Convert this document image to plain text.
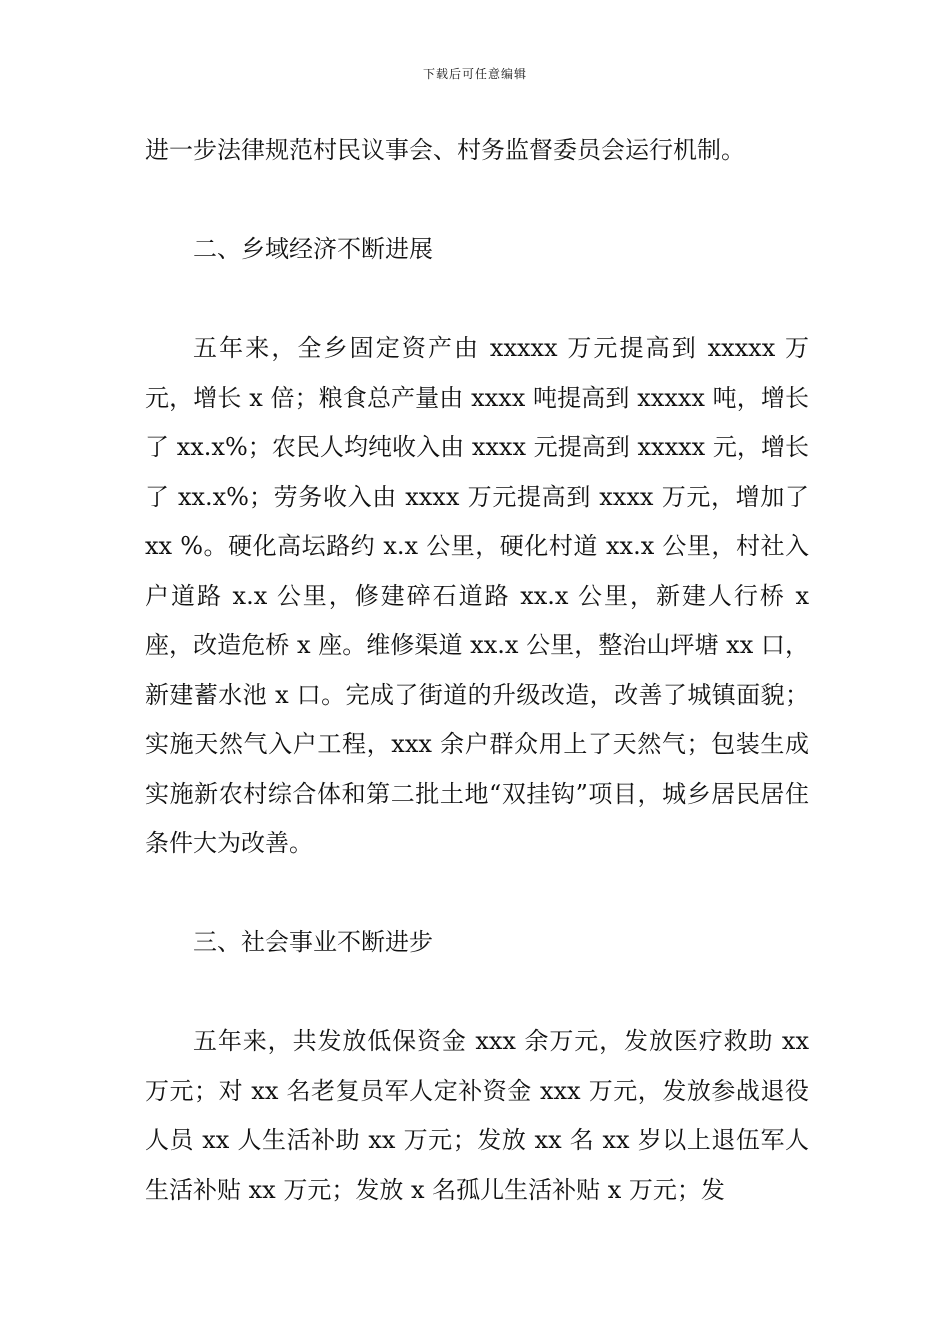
下载后可任意编辑

进一步法律规范村民议事会、村务监督委员会运行机制。

二、乡域经济不断进展

五年来，全乡固定资产由 xxxxx 万元提高到 xxxxx 万元，增长 x 倍；粮食总产量由 xxxx 吨提高到 xxxxx 吨，增长了 xx.x%；农民人均纯收入由 xxxx 元提高到 xxxxx 元，增长了 xx.x%；劳务收入由 xxxx 万元提高到 xxxx 万元，增加了 xx %。硬化高坛路约 x.x 公里，硬化村道 xx.x 公里，村社入户道路 x.x 公里，修建碎石道路 xx.x 公里，新建人行桥 x 座，改造危桥 x 座。维修渠道 xx.x 公里，整治山坪塘 xx 口，新建蓄水池 x 口。完成了街道的升级改造，改善了城镇面貌；实施天然气入户工程，xxx 余户群众用上了天然气；包装生成实施新农村综合体和第二批土地“双挂钩”项目，城乡居民居住条件大为改善。

三、社会事业不断进步

五年来，共发放低保资金 xxx 余万元，发放医疗救助 xx 万元；对 xx 名老复员军人定补资金 xxx 万元，发放参战退役人员 xx 人生活补助 xx 万元；发放 xx 名 xx 岁以上退伍军人生活补贴 xx 万元；发放 x 名孤儿生活补贴 x 万元；发
